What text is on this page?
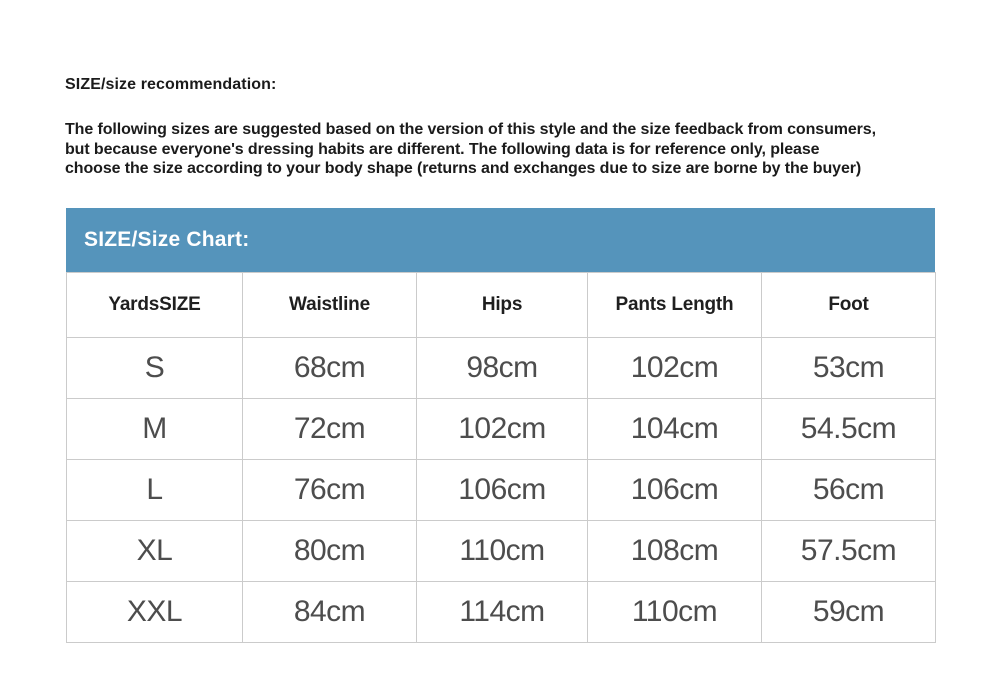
SIZE/size recommendation:
The following sizes are suggested based on the version of this style and the size feedback from consumers,
but because everyone's dressing habits are different. The following data is for reference only, please
choose the size according to your body shape (returns and exchanges due to size are borne by the buyer)
SIZE/Size Chart:
YardsSIZE	Waistline	Hips	Pants Length	Foot
S	68cm	98cm	102cm	53cm
M	72cm	102cm	104cm	54.5cm
L	76cm	106cm	106cm	56cm
XL	80cm	110cm	108cm	57.5cm
XXL	84cm	114cm	110cm	59cm
